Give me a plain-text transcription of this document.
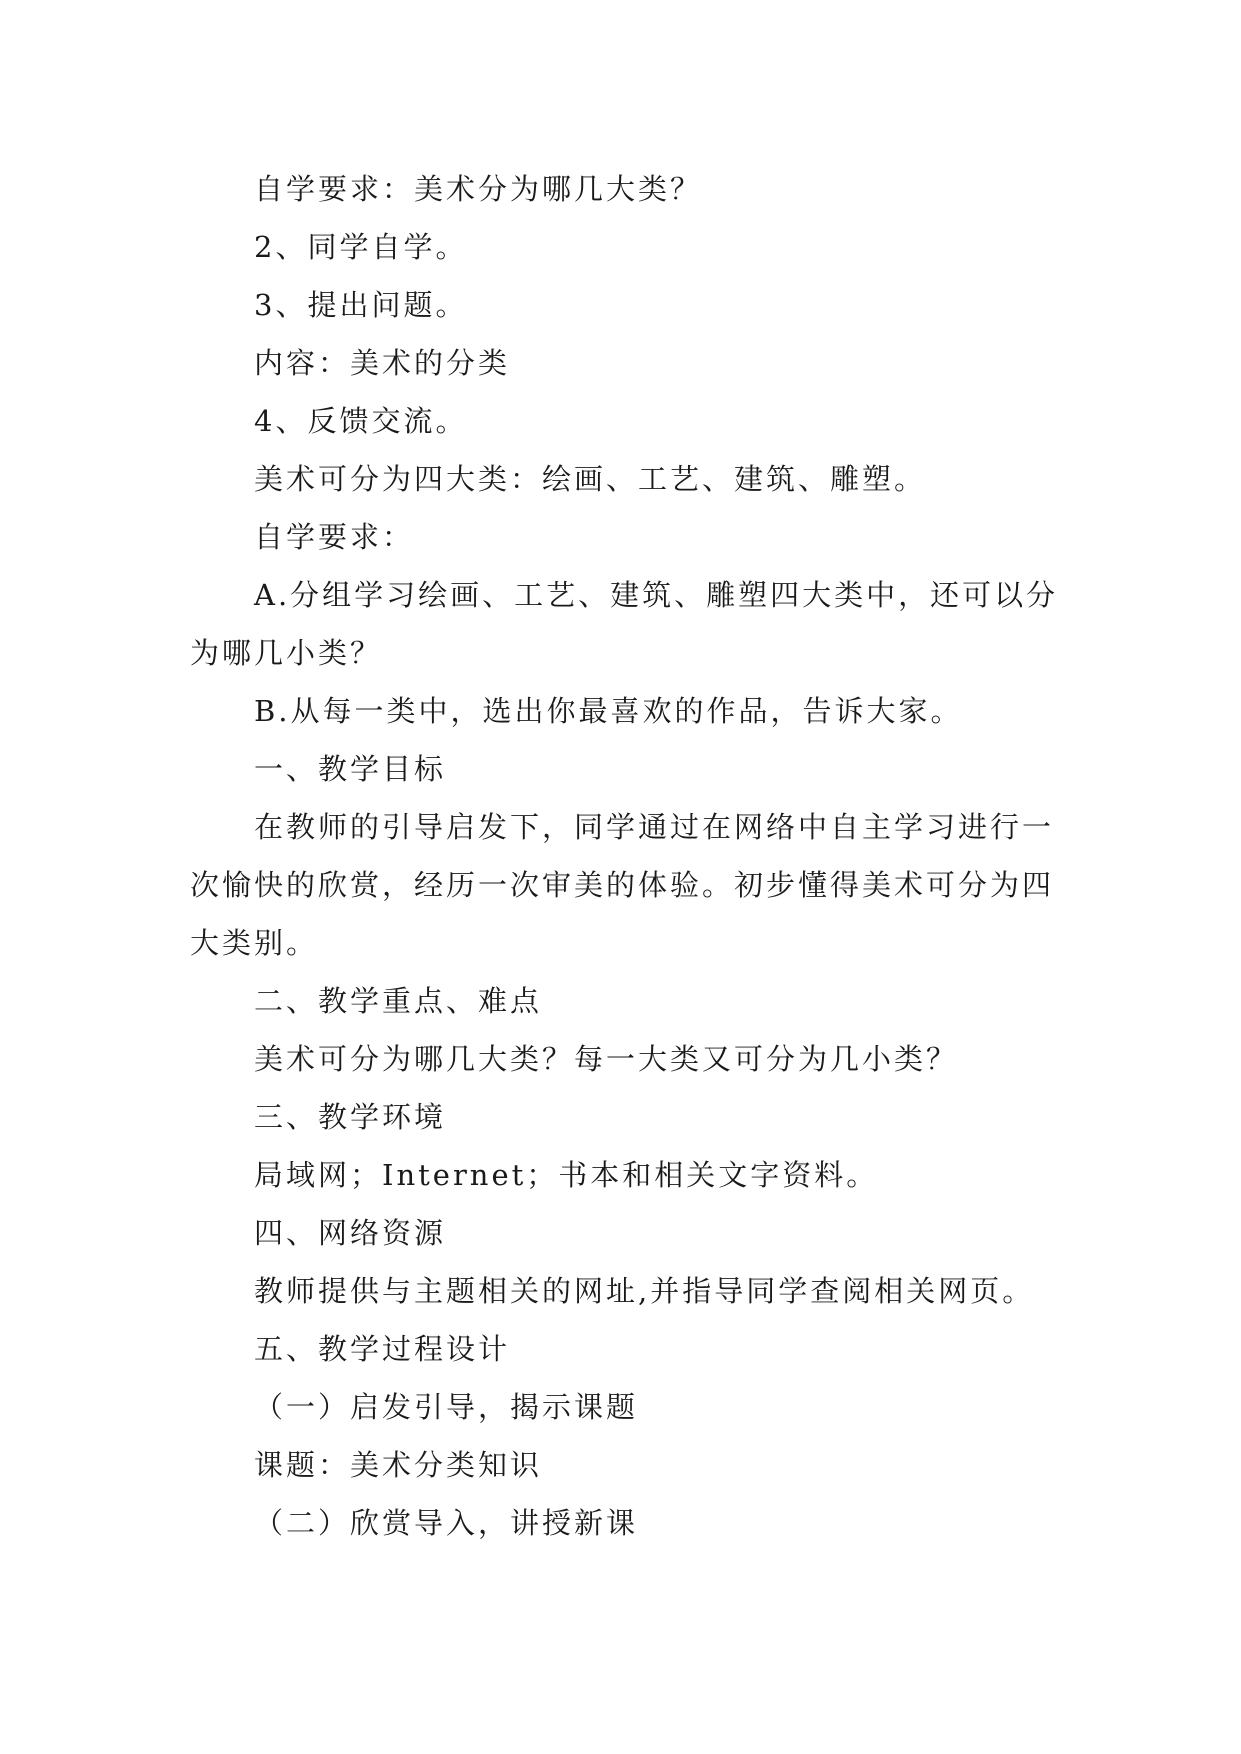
自学要求：美术分为哪几大类？

2、同学自学。

3、提出问题。

内容：美术的分类

4、反馈交流。

美术可分为四大类：绘画、工艺、建筑、雕塑。

自学要求：

A.分组学习绘画、工艺、建筑、雕塑四大类中，还可以分为哪几小类？

B.从每一类中，选出你最喜欢的作品，告诉大家。

一、教学目标

在教师的引导启发下，同学通过在网络中自主学习进行一次愉快的欣赏，经历一次审美的体验。初步懂得美术可分为四大类别。

二、教学重点、难点

美术可分为哪几大类？每一大类又可分为几小类？

三、教学环境

局域网；Internet；书本和相关文字资料。

四、网络资源

教师提供与主题相关的网址,并指导同学查阅相关网页。

五、教学过程设计

（一）启发引导，揭示课题

课题：美术分类知识

（二）欣赏导入，讲授新课
